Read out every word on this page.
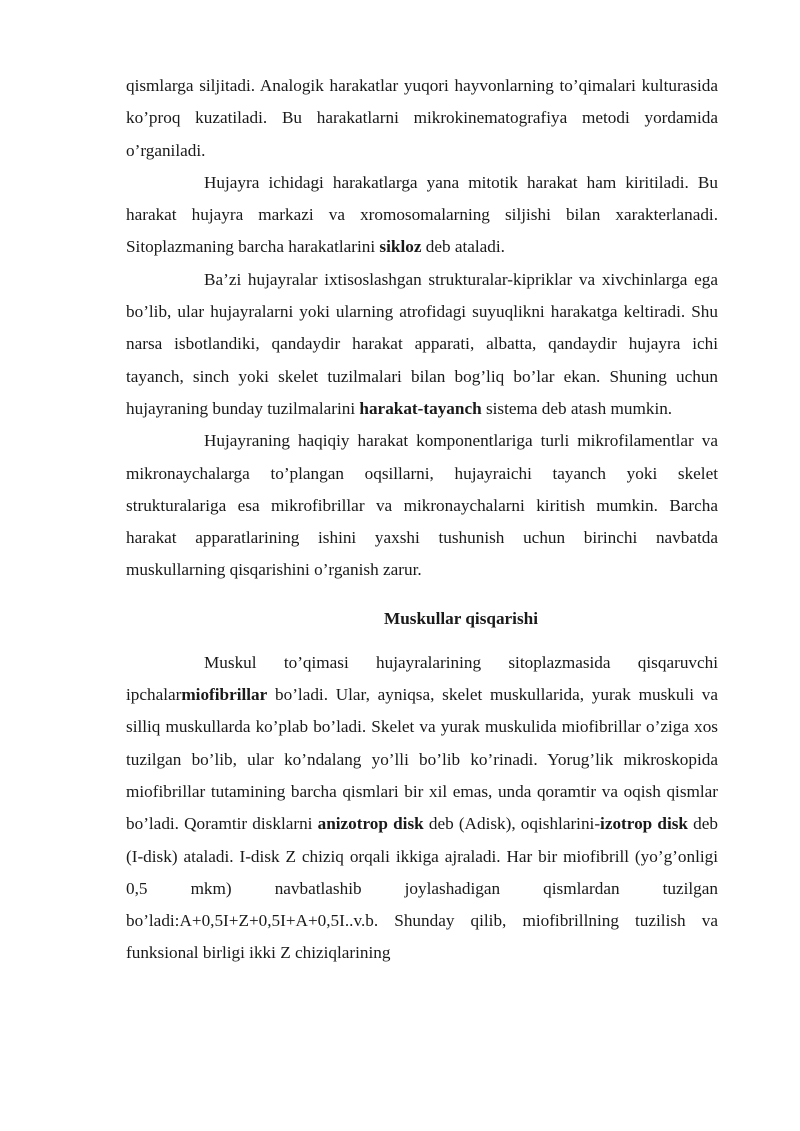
qismlarga siljitadi. Analogik harakatlar yuqori hayvonlarning to’qimalari kulturasida ko’proq kuzatiladi. Bu harakatlarni mikrokinematografiya metodi yordamida o’rganiladi.

Hujayra ichidagi harakatlarga yana mitotik harakat ham kiritiladi. Bu harakat hujayra markazi va xromosomalarning siljishi bilan xarakterlanadi. Sitoplazmaning barcha harakatlarini sikloz deb ataladi.

Ba’zi hujayralar ixtisoslashgan strukturalar-kipriklar va xivchinlarga ega bo’lib, ular hujayralarni yoki ularning atrofidagi suyuqlikni harakatga keltiradi. Shu narsa isbotlandiki, qandaydir harakat apparati, albatta, qandaydir hujayra ichi tayanch, sinch yoki skelet tuzilmalari bilan bog’liq bo’lar ekan. Shuning uchun hujayraning bunday tuzilmalarini harakat-tayanch sistema deb atash mumkin.

Hujayraning haqiqiy harakat komponentlariga turli mikrofilamentlar va mikronaychalarga to’plangan oqsillarni, hujayraichi tayanch yoki skelet strukturalariga esa mikrofibrillar va mikronaychalarni kiritish mumkin. Barcha harakat apparatlarining ishini yaxshi tushunish uchun birinchi navbatda muskullarning qisqarishini o’rganish zarur.

Muskullar qisqarishi

Muskul to’qimasi hujayralarining sitoplazmasida qisqaruvchi ipchalarmiofibrillar bo’ladi. Ular, ayniqsa, skelet muskullarida, yurak muskuli va silliq muskullarda ko’plab bo’ladi. Skelet va yurak muskulida miofibrillar o’ziga xos tuzilgan bo’lib, ular ko’ndalang yo’lli bo’lib ko’rinadi. Yorug’lik mikroskopida miofibrillar tutamining barcha qismlari bir xil emas, unda qoramtir va oqish qismlar bo’ladi. Qoramtir disklarni anizotrop disk deb (Adisk), oqishlarini-izotrop disk deb (I-disk) ataladi. I-disk Z chiziq orqali ikkiga ajraladi. Har bir miofibrill (yo’g’onligi 0,5 mkm) navbatlashib joylashadigan qismlardan tuzilgan bo’ladi:A+0,5I+Z+0,5I+A+0,5I..v.b. Shunday qilib, miofibrillning tuzilish va funksional birligi ikki Z chiziqlarining
